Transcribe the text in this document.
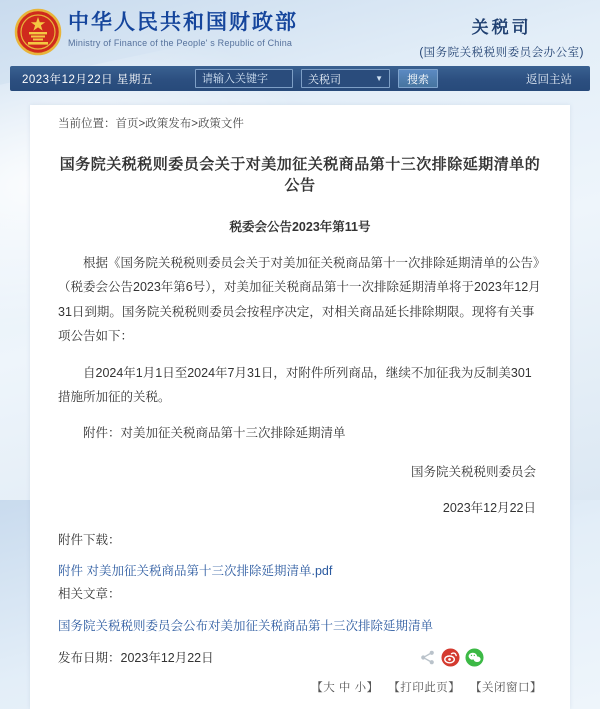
中华人民共和国财政部
Ministry of Finance of the People' s Republic of China
关税司
(国务院关税税则委员会办公室)
2023年12月22日 星期五
请输入关键字	关税司	▼	搜索	返回主站
当前位置：首页>政策发布>政策文件
国务院关税税则委员会关于对美加征关税商品第十三次排除延期清单的公告
税委会公告2023年第11号

根据《国务院关税税则委员会关于对美加征关税商品第十一次排除延期清单的公告》（税委会公告2023年第6号），对美加征关税商品第十一次排除延期清单将于2023年12月31日到期。国务院关税税则委员会按程序决定，对相关商品延长排除期限。现将有关事项公告如下：

自2024年1月1日至2024年7月31日，对附件所列商品，继续不加征我为反制美301措施所加征的关税。

附件：对美加征关税商品第十三次排除延期清单

国务院关税税则委员会
2023年12月22日
附件下载：
附件 对美加征关税商品第十三次排除延期清单.pdf
相关文章：
国务院关税税则委员会公布对美加征关税商品第十三次排除延期清单
发布日期：2023年12月22日
【大 中 小】 【打印此页】 【关闭窗口】
